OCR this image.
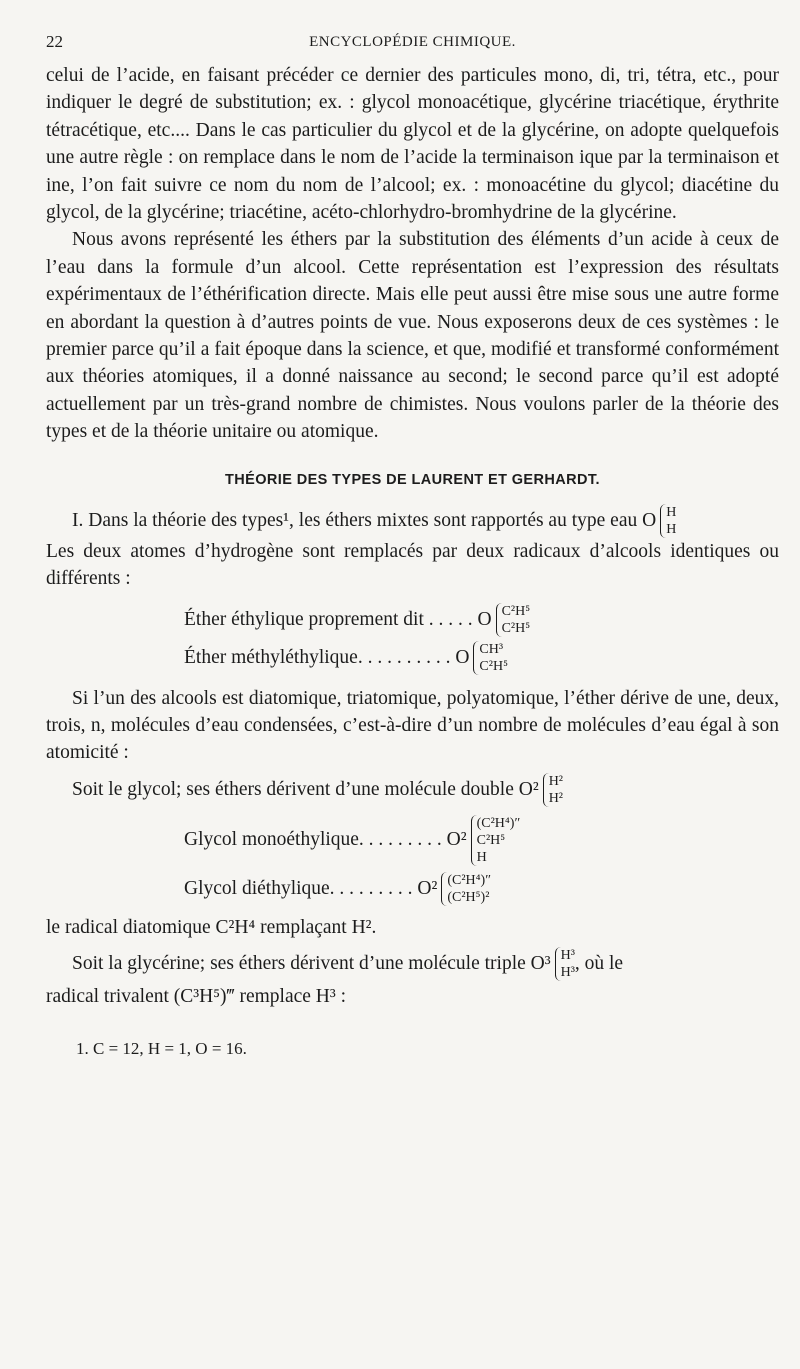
22	ENCYCLOPÉDIE CHIMIQUE.

celui de l’acide, en faisant précéder ce dernier des particules mono, di, tri, tétra, etc., pour indiquer le degré de substitution; ex. : glycol monoacétique, glycérine triacétique, érythrite tétracétique, etc.... Dans le cas particulier du glycol et de la glycérine, on adopte quelquefois une autre règle : on remplace dans le nom de l’acide la terminaison ique par la terminaison et ine, l’on fait suivre ce nom du nom de l’alcool; ex. : monoacétine du glycol; diacétine du glycol, de la glycérine; triacétine, acéto-chlorhydro-bromhydrine de la glycérine.

Nous avons représenté les éthers par la substitution des éléments d’un acide à ceux de l’eau dans la formule d’un alcool. Cette représentation est l’expression des résultats expérimentaux de l’éthérification directe. Mais elle peut aussi être mise sous une autre forme en abordant la question à d’autres points de vue. Nous exposerons deux de ces systèmes : le premier parce qu’il a fait époque dans la science, et que, modifié et transformé conformément aux théories atomiques, il a donné naissance au second; le second parce qu’il est adopté actuellement par un très-grand nombre de chimistes. Nous voulons parler de la théorie des types et de la théorie unitaire ou atomique.

THÉORIE DES TYPES DE LAURENT ET GERHARDT.
I. Dans la théorie des types¹, les éthers mixtes sont rapportés au type eau O H
H

Les deux atomes d’hydrogène sont remplacés par deux radicaux d’alcools identiques ou différents :

Éther éthylique proprement dit . . . . . O C²H⁵
C²H⁵
Éther méthyléthylique. . . . . . . . . . O CH³
C²H⁵

Si l’un des alcools est diatomique, triatomique, polyatomique, l’éther dérive de une, deux, trois, n, molécules d’eau condensées, c’est-à-dire d’un nombre de molécules d’eau égal à son atomicité :

Soit le glycol; ses éthers dérivent d’une molécule double O² H²
H²
Glycol monoéthylique. . . . . . . . . O²
(C²H⁴)″
C²H⁵
H
Glycol diéthylique. . . . . . . . . O² (C²H⁴)″
(C²H⁵)²

le radical diatomique C²H⁴ remplaçant H².

Soit la glycérine; ses éthers dérivent d’une molécule triple O³ H³
H³ , où le

radical trivalent (C³H⁵)‴ remplace H³ :

1. C = 12, H = 1, O = 16.
